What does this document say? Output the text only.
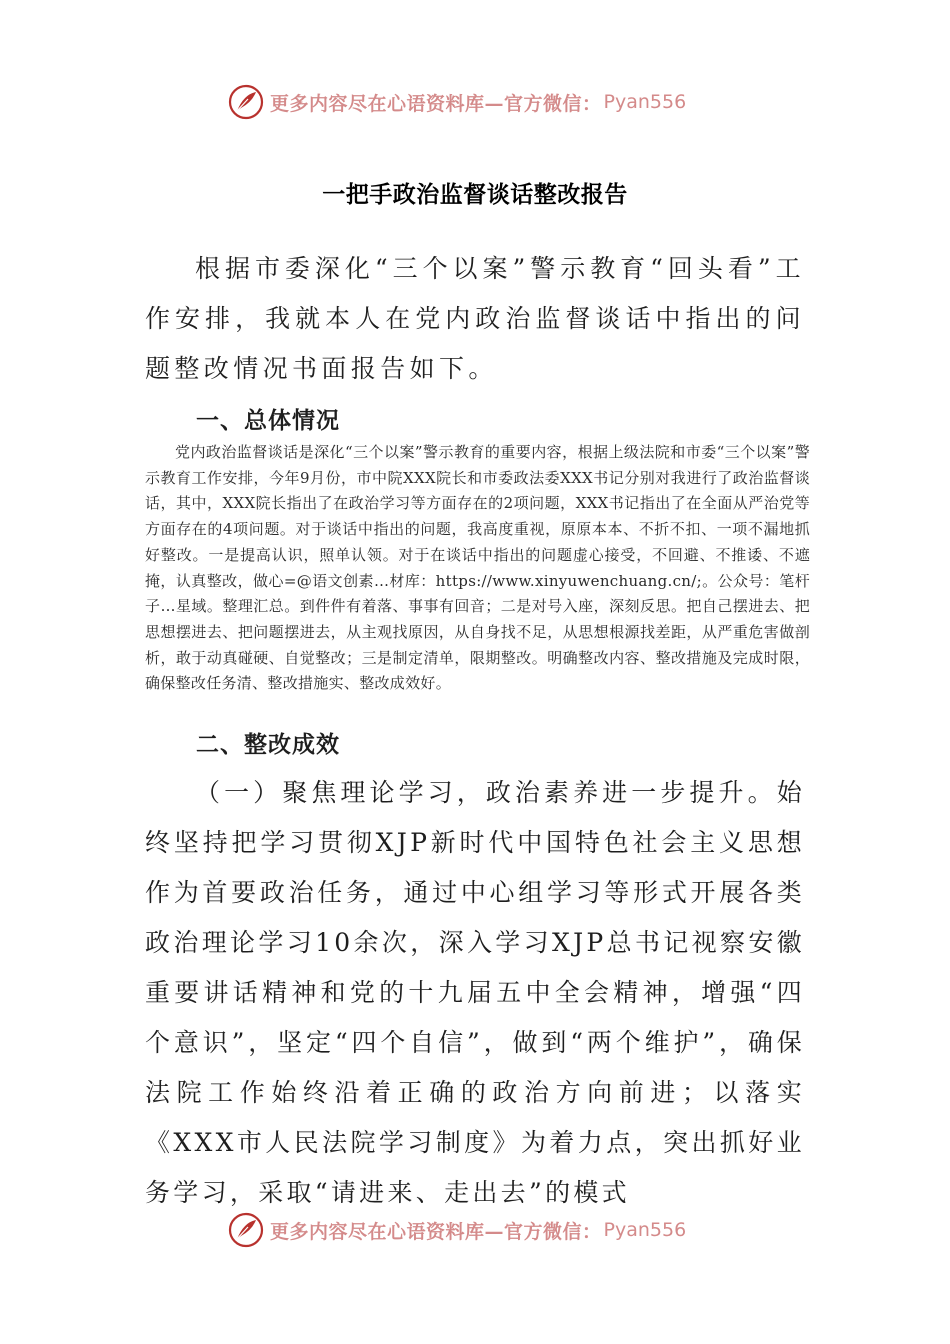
更多内容尽在心语资料库—官方微信： Pyan556
一把手政治监督谈话整改报告

根据市委深化“三个以案”警示教育“回头看”工作安排，我就本人在党内政治监督谈话中指出的问题整改情况书面报告如下。

一、总体情况

党内政治监督谈话是深化“三个以案”警示教育的重要内容，根据上级法院和市委“三个以案”警示教育工作安排，今年9月份，市中院XXX院长和市委政法委XXX书记分别对我进行了政治监督谈话，其中，XXX院长指出了在政治学习等方面存在的2项问题，XXX书记指出了在全面从严治党等方面存在的4项问题。对于谈话中指出的问题，我高度重视，原原本本、不折不扣、一项不漏地抓好整改。一是提高认识，照单认领。对于在谈话中指出的问题虚心接受，不回避、不推诿、不遮掩，认真整改，做心=@语文创素…材库：https://www.xinyuwenchuang.cn/;。公众号：笔杆子…星域。整理汇总。到件件有着落、事事有回音；二是对号入座，深刻反思。把自己摆进去、把思想摆进去、把问题摆进去，从主观找原因，从自身找不足，从思想根源找差距，从严重危害做剖析，敢于动真碰硬、自觉整改；三是制定清单，限期整改。明确整改内容、整改措施及完成时限，确保整改任务清、整改措施实、整改成效好。

二、整改成效

（一）聚焦理论学习，政治素养进一步提升。始终坚持把学习贯彻XJP新时代中国特色社会主义思想作为首要政治任务，通过中心组学习等形式开展各类政治理论学习10余次，深入学习XJP总书记视察安徽重要讲话精神和党的十九届五中全会精神，增强“四个意识”，坚定“四个自信”，做到“两个维护”，确保法院工作始终沿着正确的政治方向前进；以落实《XXX市人民法院学习制度》为着力点，突出抓好业务学习，采取“请进来、走出去”的模式

更多内容尽在心语资料库—官方微信： Pyan556
